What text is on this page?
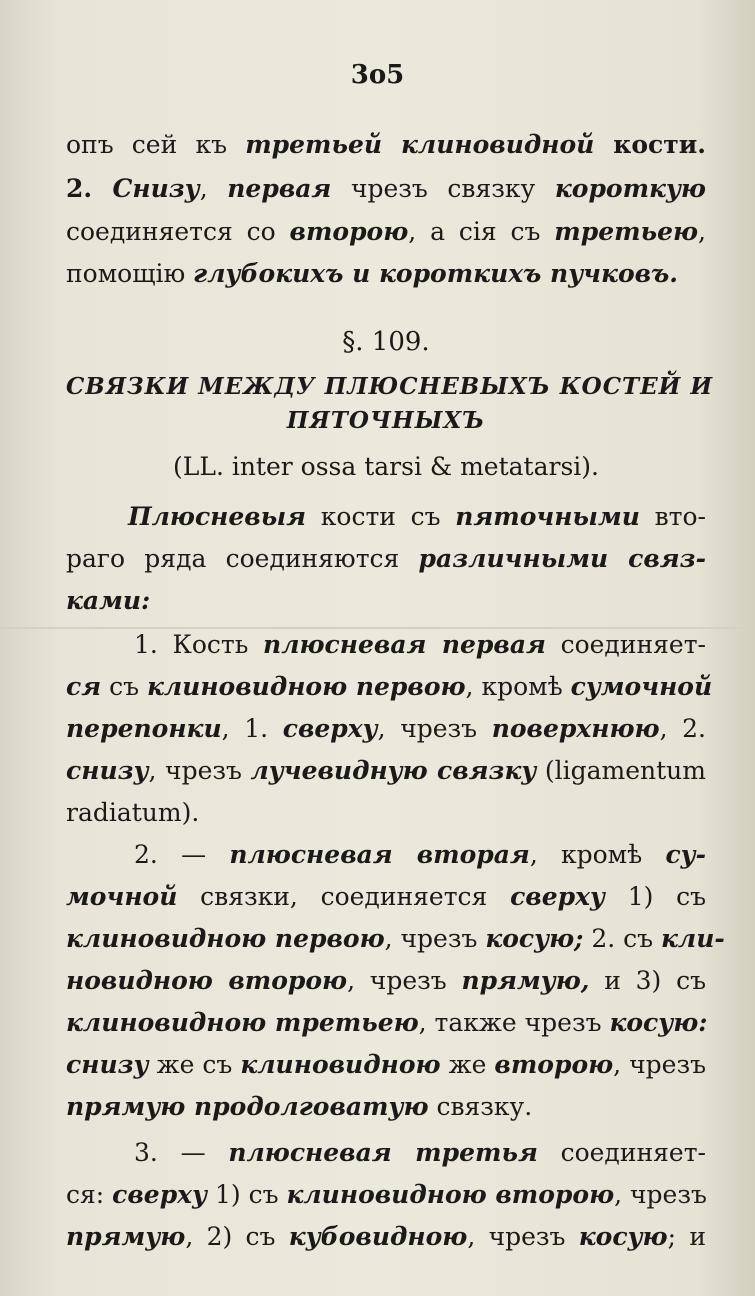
3о5
опъ сей къ третьей клиновидной кости.
2. Снизу, первая чрезъ связку короткую
соединяется со второю, а сія съ третьею,
помощію глубокихъ и короткихъ пучковъ.
§. 109.
СВЯЗКИ МЕЖДУ ПЛЮСНЕВЫХЪ КОСТЕЙ И
ПЯТОЧНЫХЪ
(LL. inter ossa tarsi & metatarsi).
Плюсневыя кости съ пяточными вто-
раго ряда соединяются различными связ-
ками:
1. Кость плюсневая первая соединяет-
ся съ клиновидною первою, кромѣ сумочной
перепонки, 1. сверху, чрезъ поверхнюю, 2.
снизу, чрезъ лучевидную связку (ligamentum
radiatum).
2. — плюсневая вторая, кромѣ су-
мочной связки, соединяется сверху 1) съ
клиновидною первою, чрезъ косую; 2. съ кли-
новидною второю, чрезъ прямую, и 3) съ
клиновидною третьею, также чрезъ косую:
снизу же съ клиновидною же второю, чрезъ
прямую продолговатую связку.
3. — плюсневая третья соединяет-
ся: сверху 1) съ клиновидною второю, чрезъ
прямую, 2) съ кубовидною, чрезъ косую; и
